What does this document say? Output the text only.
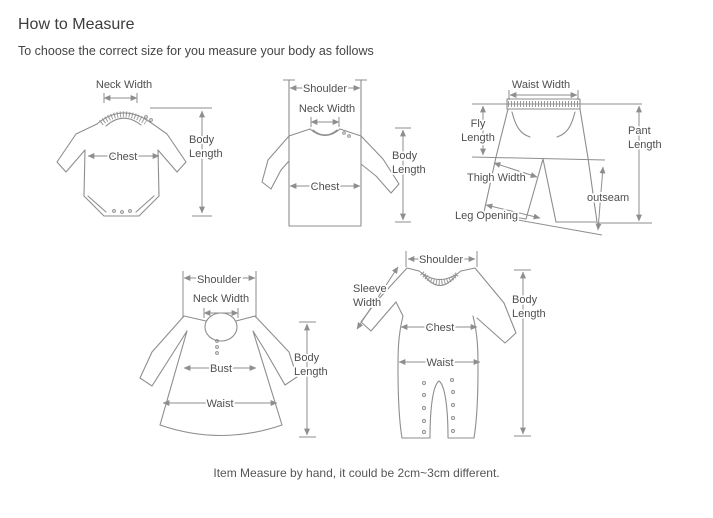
How to Measure

To choose the correct size for you measure your body as follows

Neck Width
Chest
Body Length
Shoulder
Neck Width
Chest
Body Length
Waist Width
Fly Length
Pant Length
Thigh Width
outseam
Leg Opening
Shoulder
Neck Width
Bust
Waist
Body Length
Shoulder
Sleeve Width
Chest
Waist
Body Length
Item Measure by hand, it could be 2cm~3cm different.
